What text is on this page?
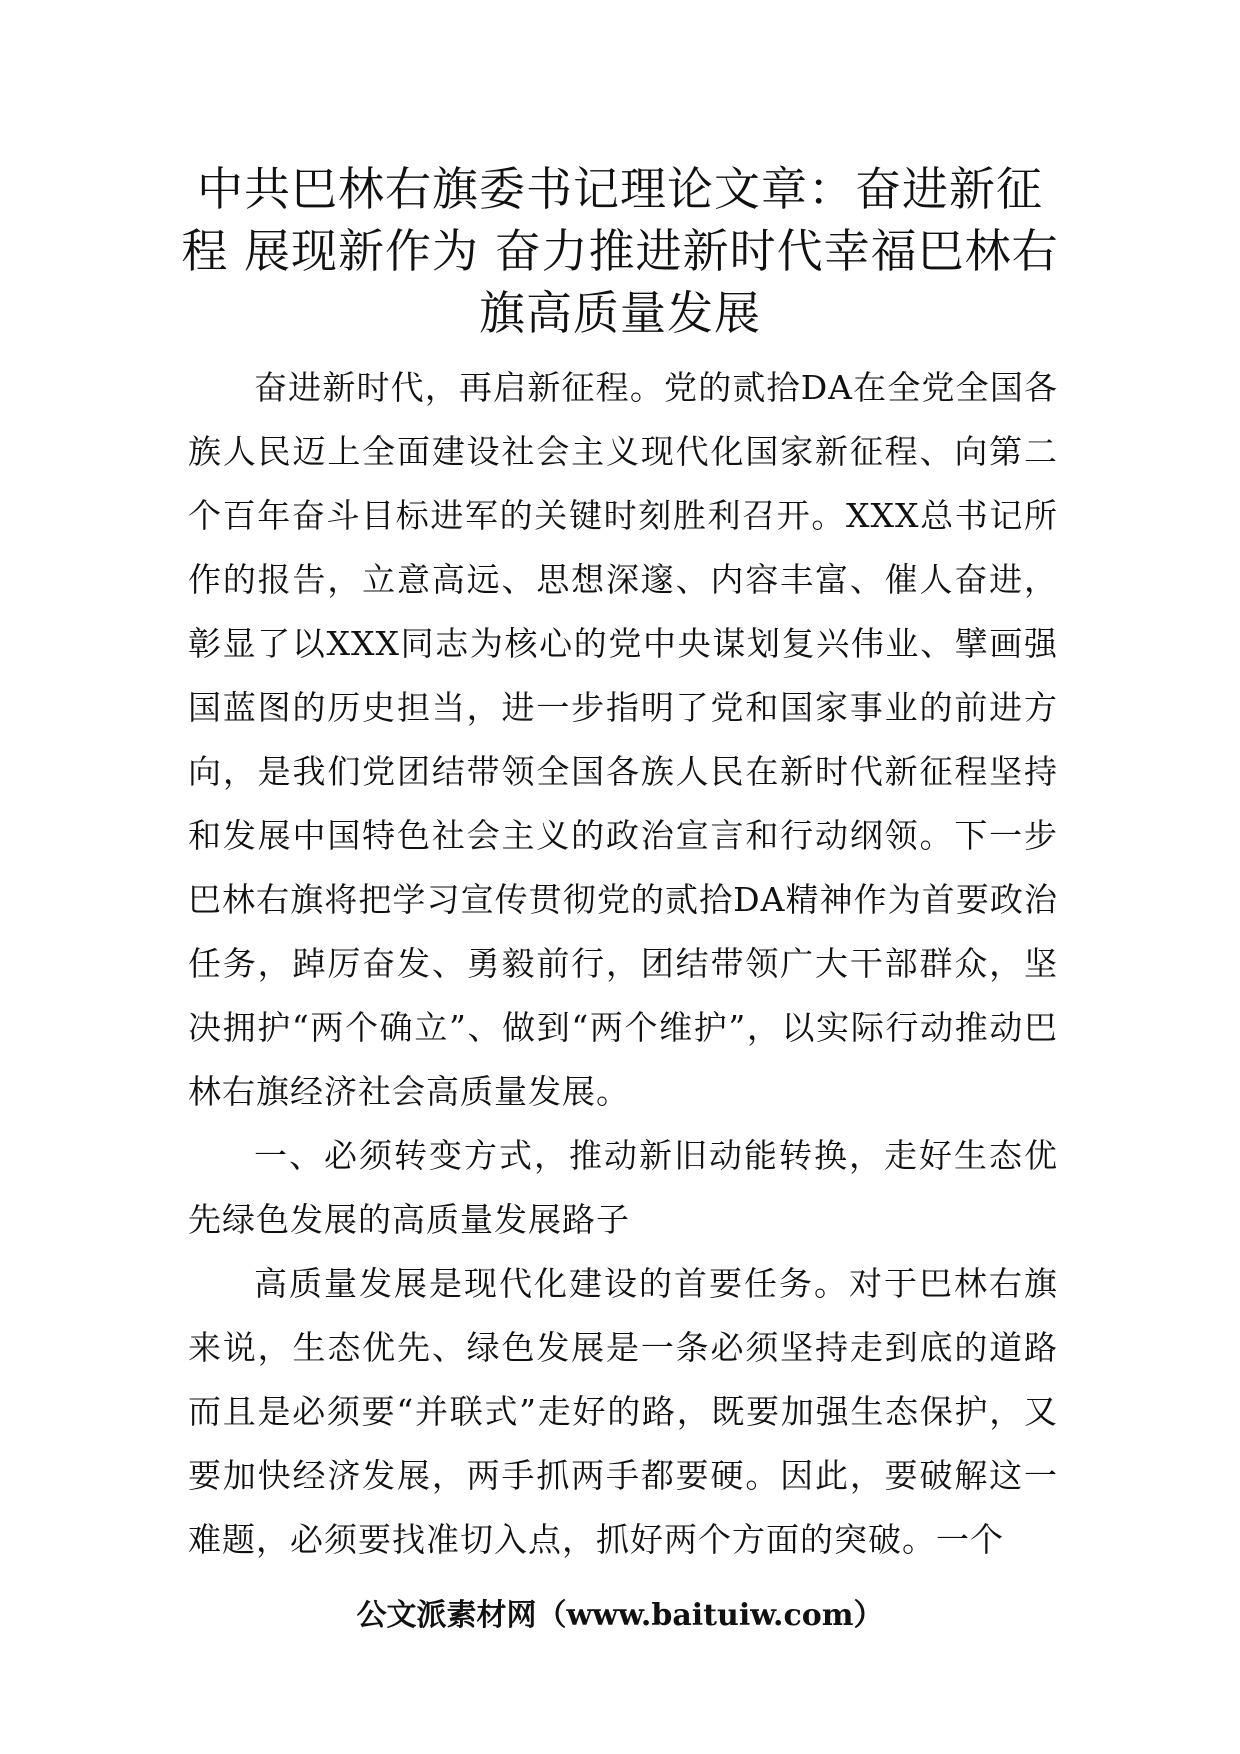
中共巴林右旗委书记理论文章：奋进新征程 展现新作为 奋力推进新时代幸福巴林右旗高质量发展

奋进新时代，再启新征程。党的贰拾DA在全党全国各族人民迈上全面建设社会主义现代化国家新征程、向第二个百年奋斗目标进军的关键时刻胜利召开。XXX总书记所作的报告，立意高远、思想深邃、内容丰富、催人奋进，彰显了以XXX同志为核心的党中央谋划复兴伟业、擘画强国蓝图的历史担当，进一步指明了党和国家事业的前进方向，是我们党团结带领全国各族人民在新时代新征程坚持和发展中国特色社会主义的政治宣言和行动纲领。下一步巴林右旗将把学习宣传贯彻党的贰拾DA精神作为首要政治任务，踔厉奋发、勇毅前行，团结带领广大干部群众，坚决拥护“两个确立”、做到“两个维护”，以实际行动推动巴林右旗经济社会高质量发展。

一、必须转变方式，推动新旧动能转换，走好生态优先绿色发展的高质量发展路子

高质量发展是现代化建设的首要任务。对于巴林右旗来说，生态优先、绿色发展是一条必须坚持走到底的道路而且是必须要“并联式”走好的路，既要加强生态保护，又要加快经济发展，两手抓两手都要硬。因此，要破解这一难题，必须要找准切入点，抓好两个方面的突破。一个

公文派素材网（www.baituiw.com）
